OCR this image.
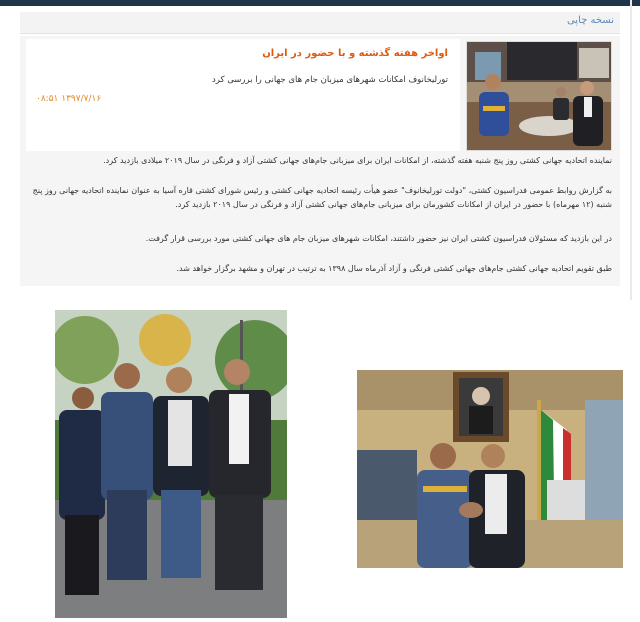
نسخه چاپی
اواخر هفته گذشته و با حضور در ایران
تورلیخانوف امکانات شهرهای میزبان جام های جهانی را بررسی کرد
۱۳۹۷/۷/۱۶ ۰۸:۵۱

نماینده اتحادیه جهانی کشتی روز پنج شنبه هفته گذشته، از امکانات ایران برای میزبانی جام‌های جهانی کشتی آزاد و فرنگی در سال ۲۰۱۹ میلادی بازدید کرد.

به گزارش روابط عمومی فدراسیون کشتی، "دولت تورلیخانوف" عضو هیأت رئیسه اتحادیه جهانی کشتی و رئیس شورای کشتی قاره آسیا به عنوان نماینده اتحادیه جهانی روز پنج شنبه (۱۲ مهرماه) با حضور در ایران از امکانات کشورمان برای میزبانی جام‌های جهانی کشتی آزاد و فرنگی در سال ۲۰۱۹ بازدید کرد.

در این بازدید که مسئولان فدراسیون کشتی ایران نیز حضور داشتند، امکانات شهرهای میزبان جام های جهانی کشتی مورد بررسی قرار گرفت.

طبق تقویم اتحادیه جهانی کشتی جام‌های جهانی کشتی فرنگی و آزاد آذرماه سال ۱۳۹۸ به ترتیب در تهران و مشهد برگزار خواهد شد.
